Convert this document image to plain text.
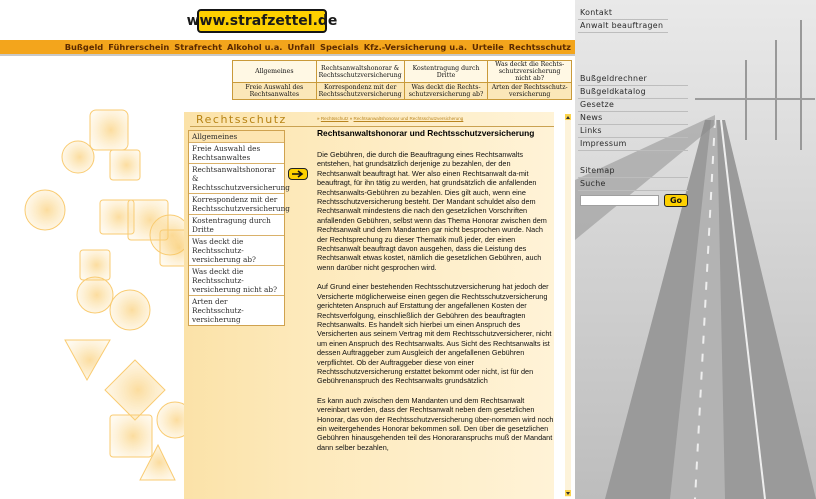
www.strafzettel.de
Bußgeld Führerschein Strafrecht Alkohol u.a. Unfall Specials Kfz.-Versicherung u.a. Urteile Rechtsschutz
Allgemeines	Rechtsanwaltshonorar & Rechtsschutzversicherung
Kostentragung durch Dritte
Was deckt die Rechts-schutzversicherung nicht ab?
Freie Auswahl des Rechtsanwaltes
Korrespondenz mit der Rechtsschutzversicherung
Was deckt die Rechts-schutzversicherung ab?
Arten der Rechtsschutz-versicherung
Rechtsschutz
Allgemeines
Freie Auswahl des Rechtsanwaltes
Rechtsanwaltshonorar & Rechtsschutzversicherung
Korrespondenz mit der Rechtsschutzversicherung
Kostentragung durch Dritte
Was deckt die Rechtsschutz-versicherung ab?
Was deckt die Rechtsschutz-versicherung nicht ab?
Arten der Rechtsschutz-versicherung
» Rechtsschutz » Rechtsanwaltshonorar und Rechtsschutzversicherung
Rechtsanwaltshonorar und Rechtsschutzversicherung

Die Gebühren, die durch die Beauftragung eines Rechtsanwalts entstehen, hat grundsätzlich derjenige zu bezahlen, der den Rechtsanwalt beauftragt hat. Wer also einen Rechtsanwalt da-mit beauftragt, für ihn tätig zu werden, hat grundsätzlich die anfallenden Rechtsanwalts-Gebühren zu bezahlen. Dies gilt auch, wenn eine Rechtsschutzversicherung besteht. Der Mandant schuldet also dem Rechtsanwalt mindestens die nach den gesetzlichen Vorschriften anfallenden Gebühren, selbst wenn das Thema Honorar zwischen dem Rechtsanwalt und dem Mandanten gar nicht besprochen wurde. Nach der Rechtsprechung zu dieser Thematik muß jeder, der einen Rechtsanwalt beauftragt davon ausgehen, dass die Leistung des Rechtsanwalt etwas kostet, nämlich die gesetzlichen Gebühren, auch wenn darüber nicht gesprochen wird.

Auf Grund einer bestehenden Rechtsschutzversicherung hat jedoch der Versicherte möglicherweise einen gegen die Rechtsschutzversicherung gerichteten Anspruch auf Erstattung der angefallenen Kosten der Rechtsverfolgung, einschließlich der Gebühren des beauftragten Rechtsanwalts. Es handelt sich hierbei um einen Anspruch des Versicherten aus seinem Vertrag mit dem Rechtsschutzversicherer, nicht um einen Anspruch des Rechtsanwalts. Aus Sicht des Rechtsanwalts ist dessen Auftraggeber zum Ausgleich der angefallenen Gebühren verpflichtet. Ob der Auftraggeber diese von einer Rechtsschutzversicherung erstattet bekommt oder nicht, ist für den Gebührenanspruch des Rechtsanwalts grundsätzlich

Es kann auch zwischen dem Mandanten und dem Rechtsanwalt vereinbart werden, dass der Rechtsanwalt neben dem gesetzlichen Honorar, das von der Rechtsschutzversicherung über-nommen wird noch ein weitergehendes Honorar bekommen soll. Den über die gesetzlichen Gebühren hinausgehenden teil des Honoraranspruchs muß der Mandant dann selber bezahlen,

Kontakt
Anwalt beauftragen
Bußgeldrechner
Bußgeldkatalog
Gesetze
News
Links
Impressum
Sitemap
Suche
Go
